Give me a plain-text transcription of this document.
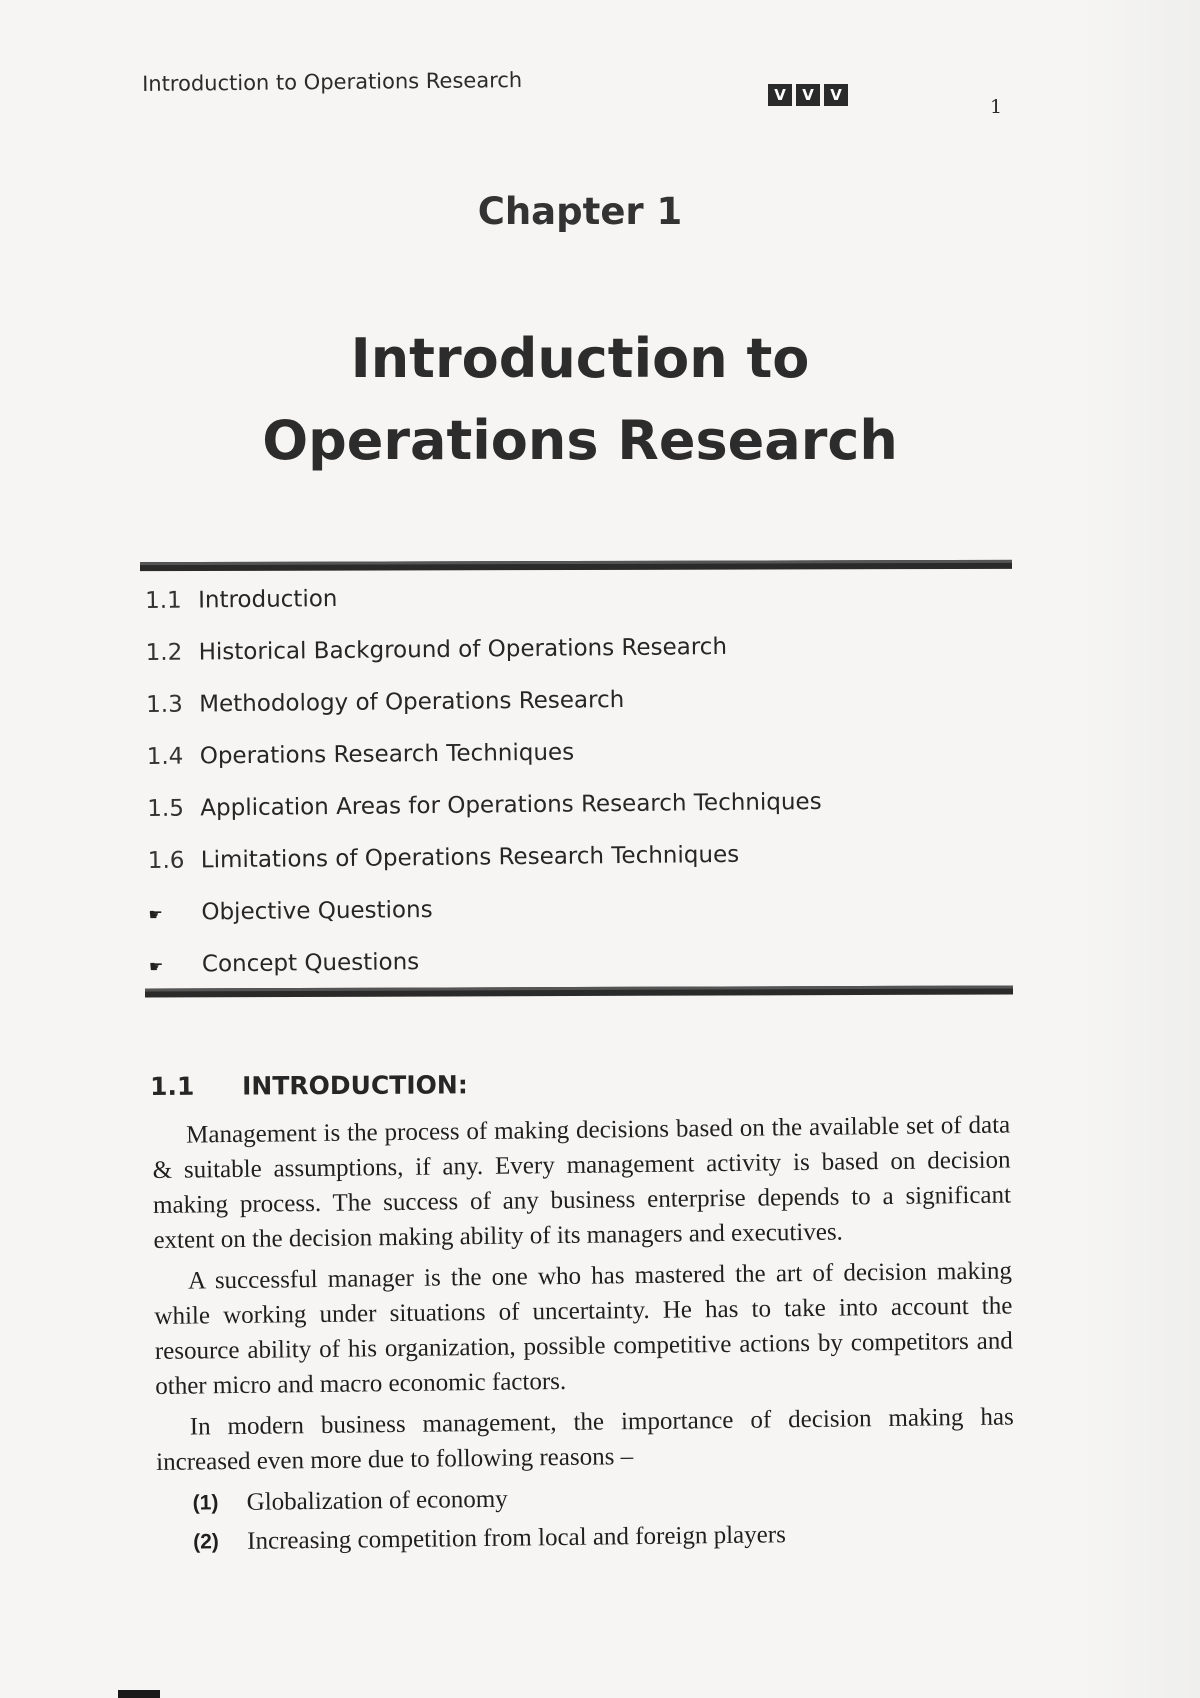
Introduction to Operations Research	V	V	V
1
Chapter 1
Introduction to
Operations Research
1.1 Introduction
1.2 Historical Background of Operations Research
1.3 Methodology of Operations Research
1.4 Operations Research Techniques
1.5 Application Areas for Operations Research Techniques
1.6 Limitations of Operations Research Techniques
☛	Objective Questions
☛	Concept Questions
1.1	INTRODUCTION:

Management is the process of making decisions based on the available set of data & suitable assumptions, if any. Every management activity is based on decision making process. The success of any business enterprise depends to a significant extent on the decision making ability of its managers and executives.

A successful manager is the one who has mastered the art of decision making while working under situations of uncertainty. He has to take into account the resource ability of his organization, possible competitive actions by competitors and other micro and macro economic factors.

In modern business management, the importance of decision making has increased even more due to following reasons –

(1)	Globalization of economy
(2)	Increasing competition from local and foreign players
